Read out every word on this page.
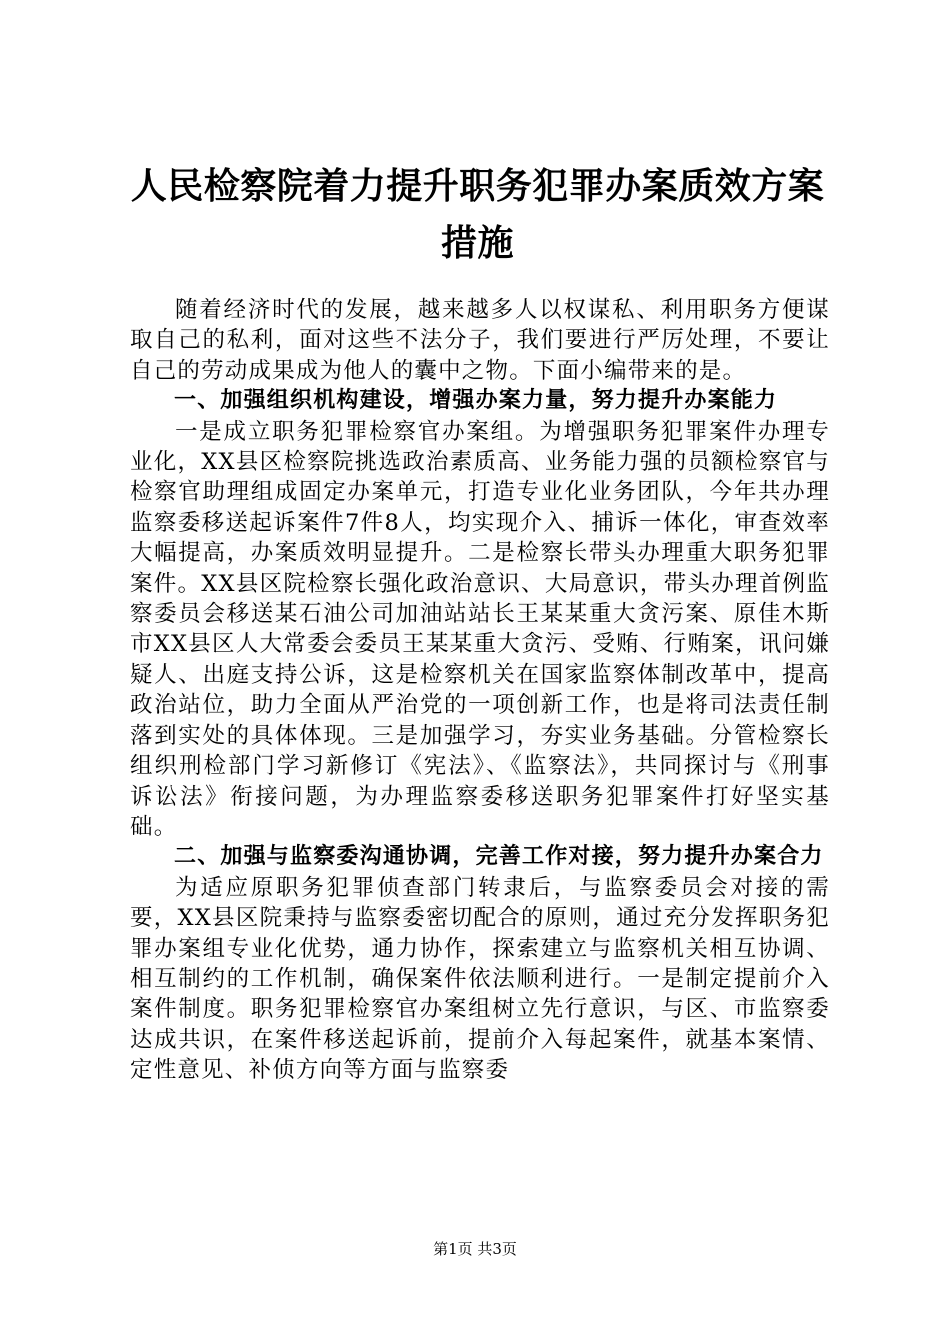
人民检察院着力提升职务犯罪办案质效方案措施

随着经济时代的发展，越来越多人以权谋私、利用职务方便谋取自己的私利，面对这些不法分子，我们要进行严厉处理，不要让自己的劳动成果成为他人的囊中之物。下面小编带来的是。

一、加强组织机构建设，增强办案力量，努力提升办案能力

一是成立职务犯罪检察官办案组。为增强职务犯罪案件办理专业化，XX县区检察院挑选政治素质高、业务能力强的员额检察官与检察官助理组成固定办案单元，打造专业化业务团队，今年共办理监察委移送起诉案件7件8人，均实现介入、捕诉一体化，审查效率大幅提高，办案质效明显提升。二是检察长带头办理重大职务犯罪案件。XX县区院检察长强化政治意识、大局意识，带头办理首例监察委员会移送某石油公司加油站站长王某某重大贪污案、原佳木斯市XX县区人大常委会委员王某某重大贪污、受贿、行贿案，讯问嫌疑人、出庭支持公诉，这是检察机关在国家监察体制改革中，提高政治站位，助力全面从严治党的一项创新工作，也是将司法责任制落到实处的具体体现。三是加强学习，夯实业务基础。分管检察长组织刑检部门学习新修订《宪法》、《监察法》，共同探讨与《刑事诉讼法》衔接问题，为办理监察委移送职务犯罪案件打好坚实基础。

二、加强与监察委沟通协调，完善工作对接，努力提升办案合力

为适应原职务犯罪侦查部门转隶后，与监察委员会对接的需要，XX县区院秉持与监察委密切配合的原则，通过充分发挥职务犯罪办案组专业化优势，通力协作，探索建立与监察机关相互协调、相互制约的工作机制，确保案件依法顺利进行。一是制定提前介入案件制度。职务犯罪检察官办案组树立先行意识，与区、市监察委达成共识，在案件移送起诉前，提前介入每起案件，就基本案情、定性意见、补侦方向等方面与监察委

第1页 共3页
